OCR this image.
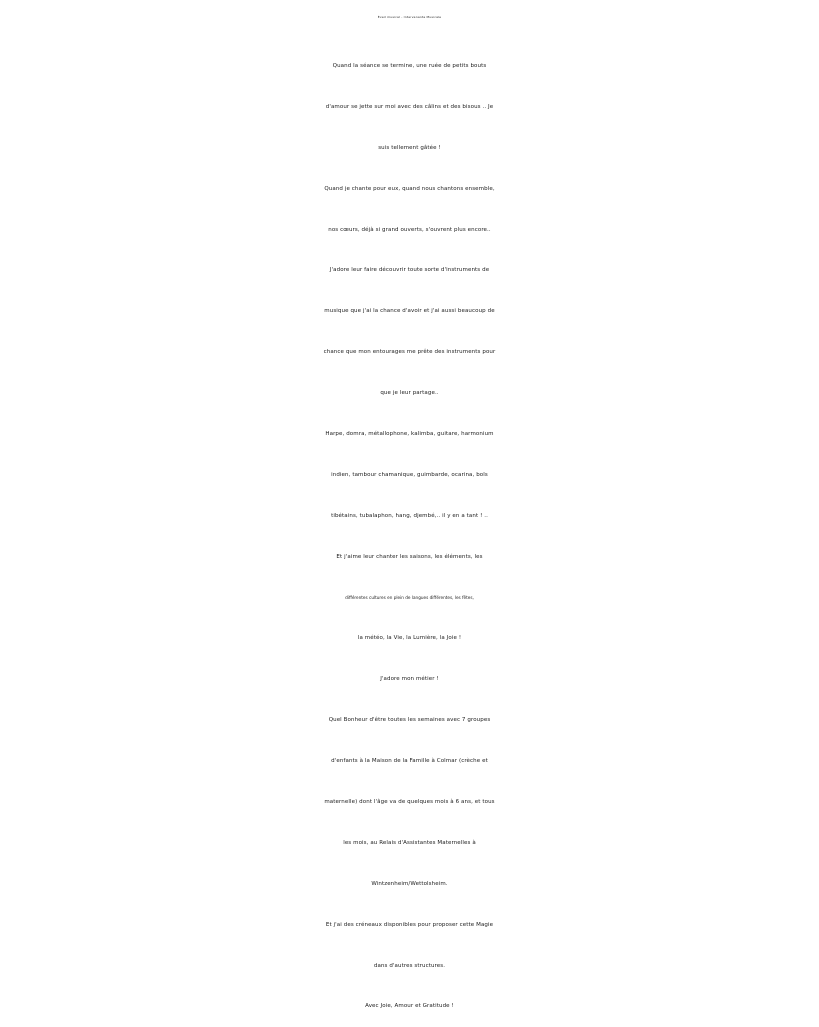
Éveil musical - Intervenante Musicale
Quand la séance se termine, une ruée de petits bouts
d'amour se jette sur moi avec des câlins et des bisous .. Je
suis tellement gâtée !
Quand je chante pour eux, quand nous chantons ensemble,
nos cœurs, déjà si grand ouverts, s'ouvrent plus encore..
J'adore leur faire découvrir toute sorte d'instruments de
musique que j'ai la chance d'avoir et j'ai aussi beaucoup de
chance que mon entourages me prête des instruments pour
que je leur partage..
Harpe, domra, métallophone, kalimba, guitare, harmonium
indien, tambour chamanique, guimbarde, ocarina, bols
tibétains, tubalaphon, hang, djembé,.. il y en a tant ! ..
Et j'aime leur chanter les saisons, les éléments, les
différentes cultures en plein de langues différentes, les fêtes,
la météo, la Vie, la Lumière, la Joie !
J'adore mon métier !
Quel Bonheur d'être toutes les semaines avec 7 groupes
d'enfants à la Maison de la Famille à Colmar (crèche et
maternelle) dont l'âge va de quelques mois à 6 ans, et tous
les mois, au Relais d'Assistantes Maternelles à
Wintzenheim/Wettolsheim.
Et j'ai des créneaux disponibles pour proposer cette Magie
dans d'autres structures.
Avec Joie, Amour et Gratitude !
